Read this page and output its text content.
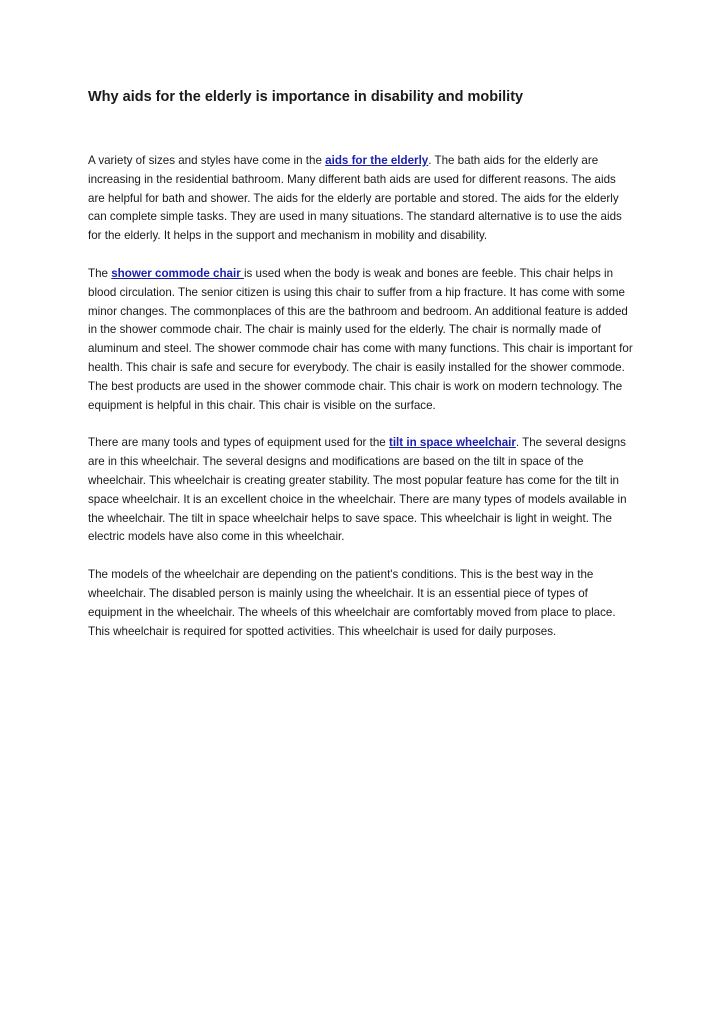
Why aids for the elderly is importance in disability and mobility

A variety of sizes and styles have come in the aids for the elderly. The bath aids for the elderly are increasing in the residential bathroom. Many different bath aids are used for different reasons. The aids are helpful for bath and shower. The aids for the elderly are portable and stored. The aids for the elderly can complete simple tasks. They are used in many situations. The standard alternative is to use the aids for the elderly. It helps in the support and mechanism in mobility and disability.

The shower commode chair is used when the body is weak and bones are feeble. This chair helps in blood circulation. The senior citizen is using this chair to suffer from a hip fracture. It has come with some minor changes. The commonplaces of this are the bathroom and bedroom. An additional feature is added in the shower commode chair. The chair is mainly used for the elderly. The chair is normally made of aluminum and steel. The shower commode chair has come with many functions. This chair is important for health. This chair is safe and secure for everybody. The chair is easily installed for the shower commode. The best products are used in the shower commode chair. This chair is work on modern technology. The equipment is helpful in this chair. This chair is visible on the surface.

There are many tools and types of equipment used for the tilt in space wheelchair. The several designs are in this wheelchair. The several designs and modifications are based on the tilt in space of the wheelchair. This wheelchair is creating greater stability. The most popular feature has come for the tilt in space wheelchair. It is an excellent choice in the wheelchair. There are many types of models available in the wheelchair. The tilt in space wheelchair helps to save space. This wheelchair is light in weight. The electric models have also come in this wheelchair.

The models of the wheelchair are depending on the patient's conditions. This is the best way in the wheelchair. The disabled person is mainly using the wheelchair. It is an essential piece of types of equipment in the wheelchair. The wheels of this wheelchair are comfortably moved from place to place. This wheelchair is required for spotted activities. This wheelchair is used for daily purposes.
